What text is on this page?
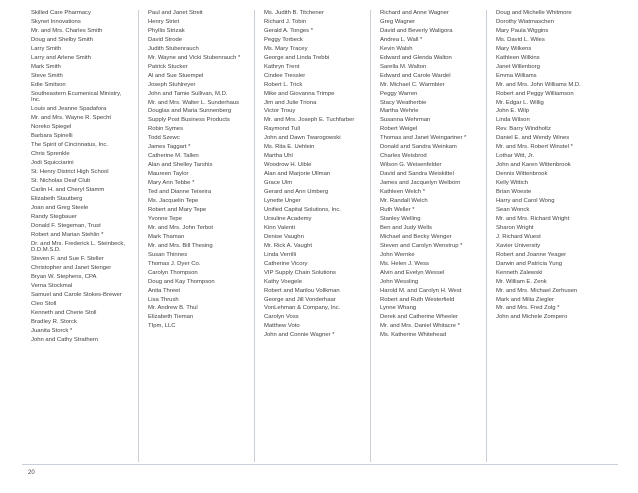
Skilled Care Pharmacy
Skynet Innovations
Mr. and Mrs. Charles Smith
Doug and Shelby Smith
Larry Smith
Larry and Arlene Smith
Mark Smith
Steve Smith
Edie Smitson
Southeastern Ecumenical Ministry, Inc.
Louis and Jeanne Spadafora
Mr. and Mrs. Wayne R. Specht
Noreko Spiegel
Barbara Spinelli
The Spirit of Cincinnatus, Inc.
Chris Sprenkle
Jodi Squicciarini
St. Henry District High School
St. Nicholas Deaf Club
Carlin H. and Cheryl Stamm
Elizabeth Stautberg
Joan and Greg Steele
Randy Stegbauer
Donald F. Stegeman, Trust
Robert and Marian Stehlin *
Dr. and Mrs. Frederick L. Steinbeck, D.D.M.S.D.
Steven F. and Sue F. Steller
Christopher and Janet Stenger
Bryan W. Stephens, CPA
Verna Stockmal
Samuel and Carole Stokes-Brewer
Cleo Stoll
Kenneth and Cherie Stoll
Bradley R. Storck
Juanita Storck *
John and Cathy Strathern
Paul and Janet Streit
Henry Striet
Phyllis Strizak
David Strode
Judith Stubenrauch
Mr. Wayne and Vicki Stubenrauch *
Patrick Stucker
Al and Sue Stuempel
Joseph Stuhlreyer
John and Tamie Sullivan, M.D.
Mr. and Mrs. Walter L. Sunderhaus
Douglas and Maria Sunnenberg
Supply Post Business Products
Robin Symes
Todd Szewc
James Taggart *
Catherine M. Tallen
Alan and Shelley Tarshis
Maureen Taylor
Mary Ann Tebbe *
Ted and Dianne Teixeira
Ms. Jacquelin Tepe
Robert and Mary Tepe
Yvonne Tepe
Mr. and Mrs. John Terbot
Mark Thaman
Mr. and Mrs. Bill Thesing
Susan Thinnes
Thomas J. Dyer Co.
Carolyn Thompson
Doug and Kay Thompson
Anita Threet
Lisa Thrush
Mr. Andrew B. Thul
Elizabeth Tieman
TIpm, LLC
Ms. Judith B. Titchener
Richard J. Tobin
Gerald A. Tonges *
Peggy Torbeck
Ms. Mary Tracey
George and Linda Trebbi
Kathryn Trent
Cindee Tressler
Robert L. Trick
Mike and Giovanna Trimpe
Jim and Julie Triona
Victor Trouy
Mr. and Mrs. Joseph E. Tuchfarber
Raymond Tull
John and Dawn Twarogowski
Ms. Rita E. Uehlein
Martha Uhl
Woodrow H. Uible
Alan and Marjorie Ullman
Grace Ulm
Gerard and Ann Umberg
Lynette Unger
Unified Capital Solutions, Inc.
Ursuline Academy
Kinn Valenti
Denise Vaughn
Mr. Rick A. Vaught
Linda Verrilli
Catherine Vicory
VIP Supply Chain Solutions
Kathy Voegele
Robert and Marilou Vollkman
George and Jill Vonderhaar
VonLehman & Company, Inc.
Carolyn Voss
Matthew Voto
John and Connie Wagner *
Richard and Anne Wagner
Greg Wagner
David and Beverly Waligora
Andrea L. Wall *
Kevin Walsh
Edward and Glenda Walton
Sarella M. Walton
Edward and Carole Wardel
Mr. Michael C. Warmbier
Peggy Warren
Stacy Weatherbie
Martha Wehrle
Susanna Wehrman
Robert Weigel
Thomas and Janet Weingartner *
Donald and Sandra Weinkam
Charles Weisbrod
Wilson G. Weisenfelder
David and Sandra Weiskittel
James and Jacquelyn Welborn
Kathleen Welch *
Mr. Randall Welch
Ruth Weller *
Stanley Welling
Ben and Judy Wells
Michael and Becky Wenger
Steven and Carolyn Wenstrup *
John Wernke
Ms. Helen J. Wess
Alvin and Evelyn Wessel
John Wessling
Harold M. and Carolyn H. West
Robert and Ruth Westerfield
Lynne Whang
Derek and Catherine Wheeler
Mr. and Mrs. Daniel Whitacre *
Ms. Katherine Whitehead
Doug and Michelle Whitmore
Dorothy Wiatmaschen
Mary Paula Wiggins
Ms. David L. Wiles
Mary Wilkens
Kathleen Wilkins
Janet Willenborg
Emma Williams
Mr. and Mrs. John Williams M.D.
Robert and Peggy Williamson
Mr. Edgar L. Willig
John E. Wilp
Linda Wilson
Rev. Barry Windholtz
Daniel E. and Wendy Wines
Mr. and Mrs. Robert Winstel *
Lothar Witt, Jr.
John and Karen Wittenbrook
Dennis Wittenbrook
Kelly Wittich
Brian Woeste
Harry and Carol Wong
Sean Wonck
Mr. and Mrs. Richard Wright
Sharon Wright
J. Richard Wuest
Xavier University
Robert and Joanne Yeager
Darwin and Patricia Yung
Kenneth Zalewski
Mr. William E. Zenk
Mr. and Mrs. Michael Zerhusen
Mark and Milia Ziegler
Mr. and Mrs. Fred Zolg *
John and Michele Zompero
20
